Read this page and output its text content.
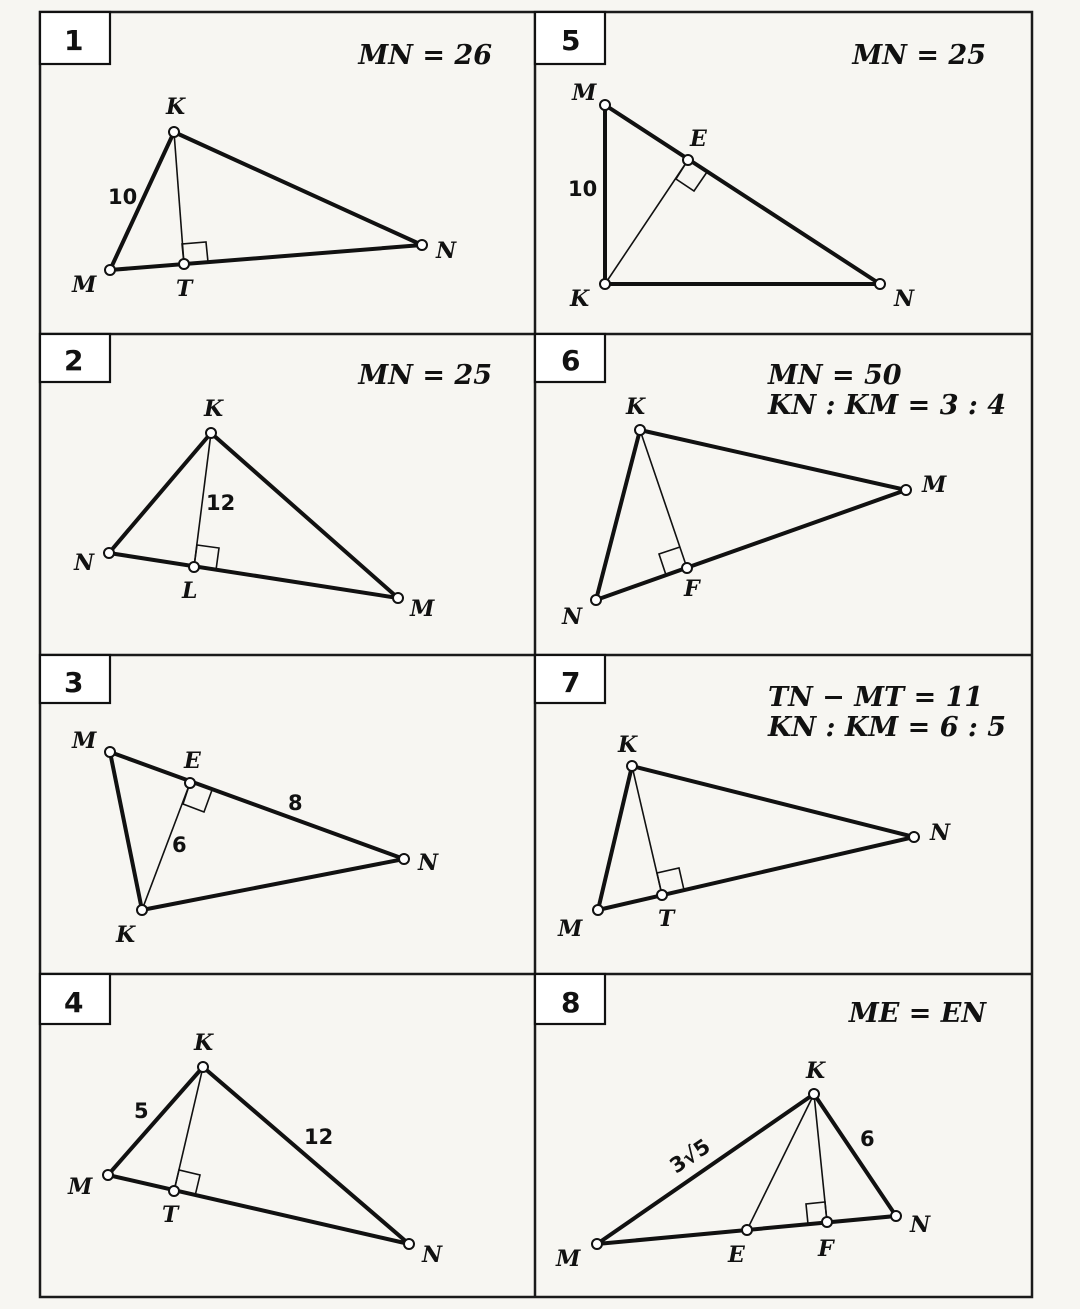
1	MN = 26
K
M
N
T
10
5	MN = 25
M
E
K	N
10
2	MN = 25
K
N
L
M
12
6	MN = 50
KN : KM = 3 : 4
K
M
N
F
3
M
E
N
K
8
6
7	TN − MT = 11
KN : KM = 6 : 5
K
N
M	T
4
K
M
T
N
5
12
8	ME = EN
K
M	E	F
N
3√5	6
